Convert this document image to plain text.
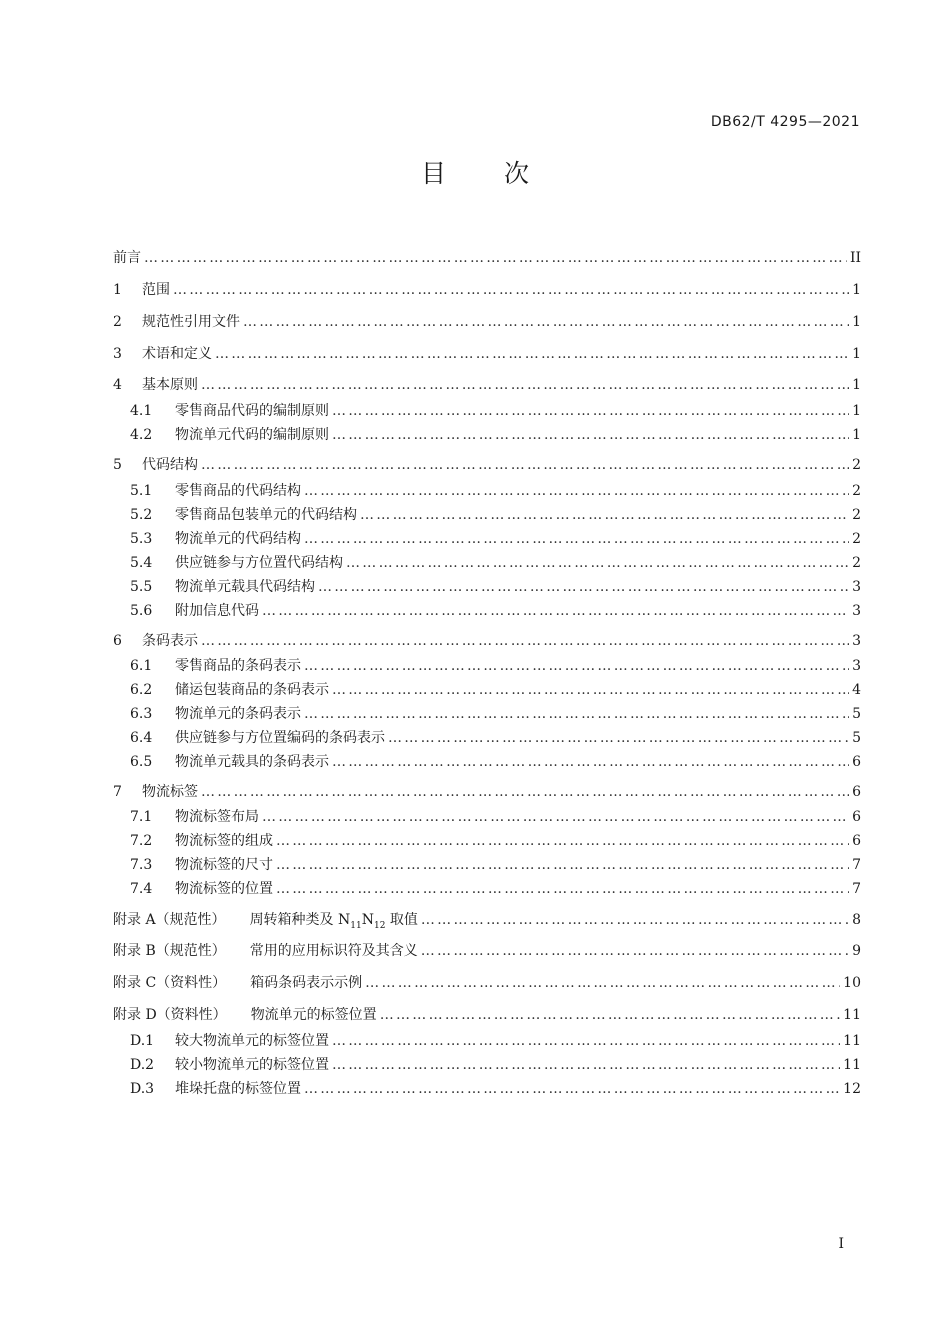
DB62/T 4295—2021
目 次
前言 ………………………………………………………………………………………………………………………………………………………………………………………………………………………………………………………………………	II
1	范围 ………………………………………………………………………………………………………………………………………………………………………………………………………………………………………………………………………	1
2	规范性引用文件 ………………………………………………………………………………………………………………………………………………………………………………………………………………………………………………………………………	1
3	术语和定义 ………………………………………………………………………………………………………………………………………………………………………………………………………………………………………………………………………	1
4	基本原则 ………………………………………………………………………………………………………………………………………………………………………………………………………………………………………………………………………	1
4.1	零售商品代码的编制原则 ………………………………………………………………………………………………………………………………………………………………………………………………………………………………………………………………………	1
4.2	物流单元代码的编制原则 ………………………………………………………………………………………………………………………………………………………………………………………………………………………………………………………………………	1
5	代码结构 ………………………………………………………………………………………………………………………………………………………………………………………………………………………………………………………………………	2
5.1	零售商品的代码结构 ………………………………………………………………………………………………………………………………………………………………………………………………………………………………………………………………………	2
5.2	零售商品包装单元的代码结构 ………………………………………………………………………………………………………………………………………………………………………………………………………………………………………………………………………	2
5.3	物流单元的代码结构 ………………………………………………………………………………………………………………………………………………………………………………………………………………………………………………………………………	2
5.4	供应链参与方位置代码结构 ………………………………………………………………………………………………………………………………………………………………………………………………………………………………………………………………………	2
5.5	物流单元载具代码结构 ………………………………………………………………………………………………………………………………………………………………………………………………………………………………………………………………………	3
5.6	附加信息代码 ………………………………………………………………………………………………………………………………………………………………………………………………………………………………………………………………………	3
6	条码表示 ………………………………………………………………………………………………………………………………………………………………………………………………………………………………………………………………………	3
6.1	零售商品的条码表示 ………………………………………………………………………………………………………………………………………………………………………………………………………………………………………………………………………	3
6.2	储运包装商品的条码表示 ………………………………………………………………………………………………………………………………………………………………………………………………………………………………………………………………………	4
6.3	物流单元的条码表示 ………………………………………………………………………………………………………………………………………………………………………………………………………………………………………………………………………	5
6.4	供应链参与方位置编码的条码表示 ………………………………………………………………………………………………………………………………………………………………………………………………………………………………………………………………………	5
6.5	物流单元载具的条码表示 ………………………………………………………………………………………………………………………………………………………………………………………………………………………………………………………………………	6
7	物流标签 ………………………………………………………………………………………………………………………………………………………………………………………………………………………………………………………………………	6
7.1	物流标签布局 ………………………………………………………………………………………………………………………………………………………………………………………………………………………………………………………………………	6
7.2	物流标签的组成 ………………………………………………………………………………………………………………………………………………………………………………………………………………………………………………………………………	6
7.3	物流标签的尺寸 ………………………………………………………………………………………………………………………………………………………………………………………………………………………………………………………………………	7
7.4	物流标签的位置 ………………………………………………………………………………………………………………………………………………………………………………………………………………………………………………………………………	7
附录 A（规范性） 周转箱种类及 $N_{11}N_{12}$ 取值 ………………………………………………………………………………………………………………………………………………………………………………………………………………………………………………………………………	8
附录 B（规范性） 常用的应用标识符及其含义 ………………………………………………………………………………………………………………………………………………………………………………………………………………………………………………………………………	9
附录 C（资料性） 箱码条码表示示例 ………………………………………………………………………………………………………………………………………………………………………………………………………………………………………………………………………	10
附录 D（资料性） 物流单元的标签位置 ………………………………………………………………………………………………………………………………………………………………………………………………………………………………………………………………………	11
D.1	较大物流单元的标签位置 ………………………………………………………………………………………………………………………………………………………………………………………………………………………………………………………………………	11
D.2	较小物流单元的标签位置 ………………………………………………………………………………………………………………………………………………………………………………………………………………………………………………………………………	11
D.3	堆垛托盘的标签位置 ………………………………………………………………………………………………………………………………………………………………………………………………………………………………………………………………………	12
I
